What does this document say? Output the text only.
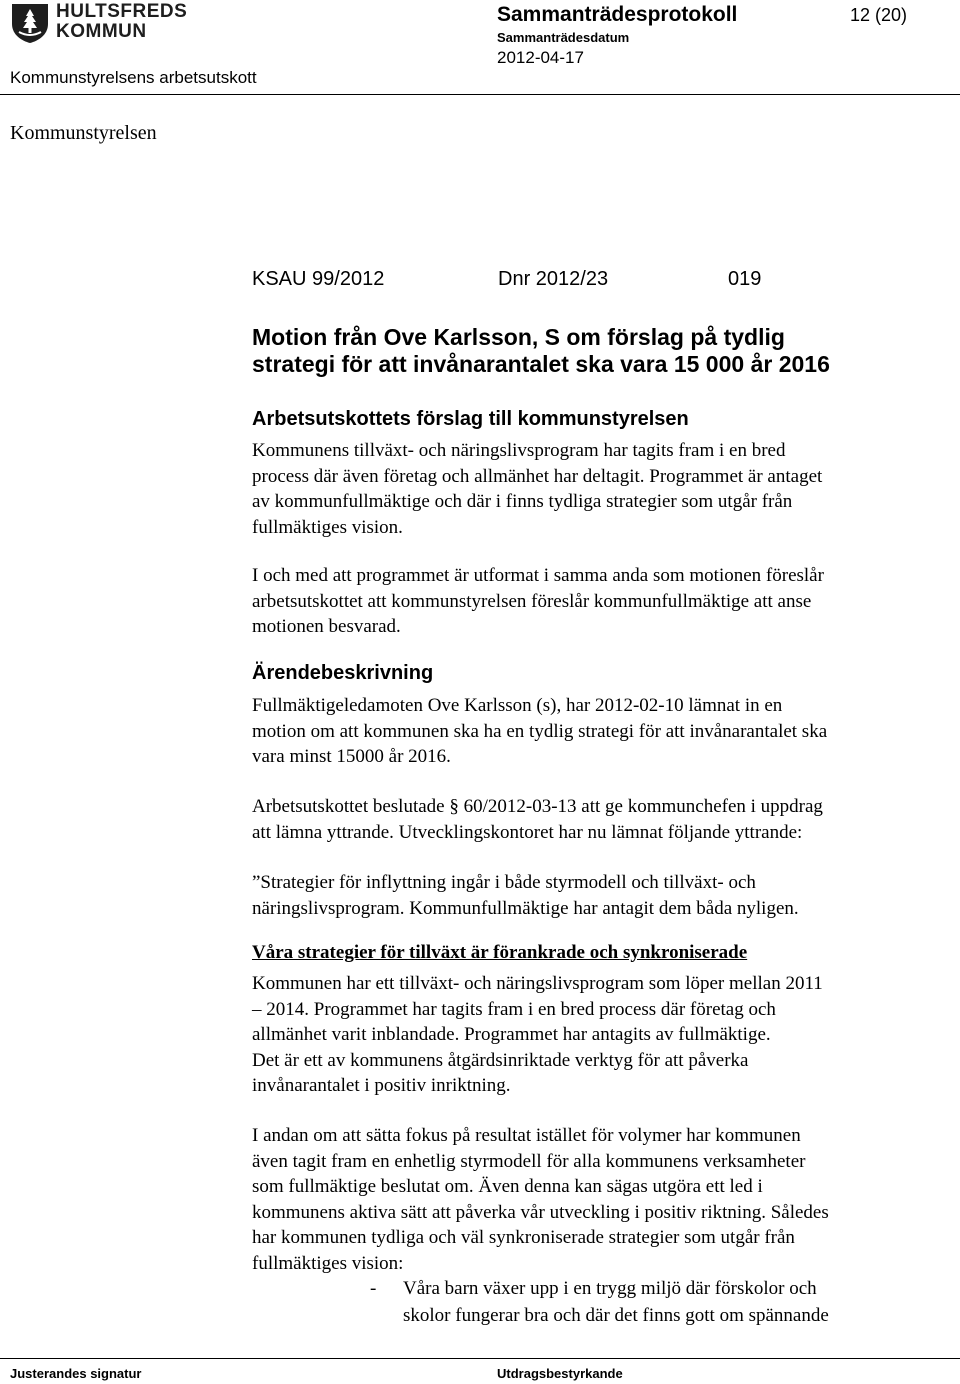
HULTSFREDS
KOMMUN
Sammanträdesprotokoll
Sammanträdesdatum
2012-04-17
12 (20)
Kommunstyrelsens arbetsutskott
Kommunstyrelsen
KSAU 99/2012	Dnr 2012/23	019
Motion från Ove Karlsson, S om förslag på tydlig
strategi för att invånarantalet ska vara 15 000 år 2016
Arbetsutskottets förslag till kommunstyrelsen

Kommunens tillväxt- och näringslivsprogram har tagits fram i en bred
process där även företag och allmänhet har deltagit. Programmet är antaget
av kommunfullmäktige och där i finns tydliga strategier som utgår från
fullmäktiges vision.

I och med att programmet är utformat i samma anda som motionen föreslår
arbetsutskottet att kommunstyrelsen föreslår kommunfullmäktige att anse
motionen besvarad.

Ärendebeskrivning

Fullmäktigeledamoten Ove Karlsson (s), har 2012-02-10 lämnat in en
motion om att kommunen ska ha en tydlig strategi för att invånarantalet ska
vara minst 15000 år 2016.

Arbetsutskottet beslutade § 60/2012-03-13 att ge kommunchefen i uppdrag
att lämna yttrande. Utvecklingskontoret har nu lämnat följande yttrande:

”Strategier för inflyttning ingår i både styrmodell och tillväxt- och
näringslivsprogram. Kommunfullmäktige har antagit dem båda nyligen.

Våra strategier för tillväxt är förankrade och synkroniserade

Kommunen har ett tillväxt- och näringslivsprogram som löper mellan 2011
– 2014. Programmet har tagits fram i en bred process där företag och
allmänhet varit inblandade. Programmet har antagits av fullmäktige.
Det är ett av kommunens åtgärdsinriktade verktyg för att påverka
invånarantalet i positiv inriktning.

I andan om att sätta fokus på resultat istället för volymer har kommunen
även tagit fram en enhetlig styrmodell för alla kommunens verksamheter
som fullmäktige beslutat om. Även denna kan sägas utgöra ett led i
kommunens aktiva sätt att påverka vår utveckling i positiv riktning. Således
har kommunen tydliga och väl synkroniserade strategier som utgår från
fullmäktiges vision:

- Våra barn växer upp i en trygg miljö där förskolor och
skolor fungerar bra och där det finns gott om spännande
Justerandes signatur	Utdragsbestyrkande
